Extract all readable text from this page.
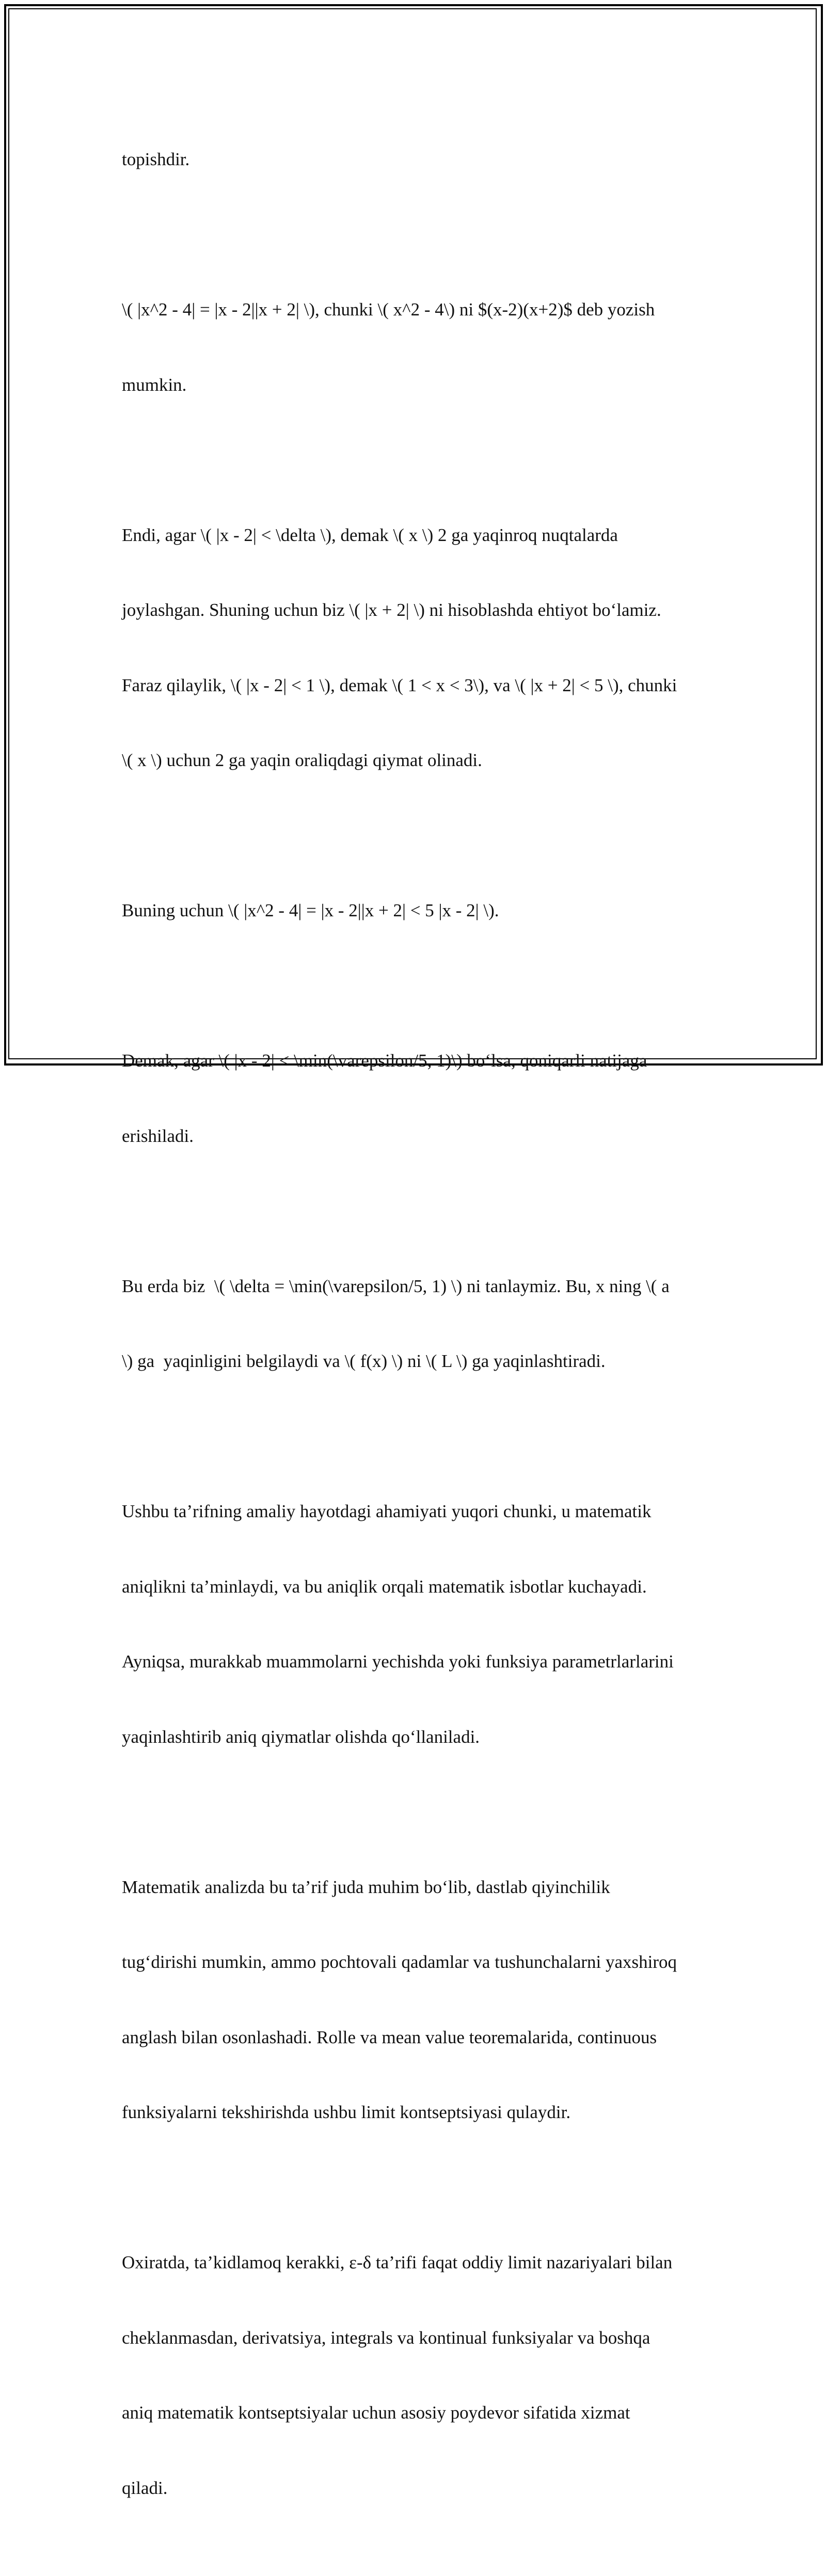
topishdir.

\( |x^2 - 4| = |x - 2||x + 2| \), chunki \( x^2 - 4\) ni $(x-2)(x+2)$ deb yozish

mumkin.

Endi, agar \( |x - 2| < \delta \), demak \( x \) 2 ga yaqinroq nuqtalarda

joylashgan. Shuning uchun biz \( |x + 2| \) ni hisoblashda ehtiyot bo‘lamiz.

Faraz qilaylik, \( |x - 2| < 1 \), demak \( 1 < x < 3\), va \( |x + 2| < 5 \), chunki

\( x \) uchun 2 ga yaqin oraliqdagi qiymat olinadi.

Buning uchun \( |x^2 - 4| = |x - 2||x + 2| < 5 |x - 2| \).

Demak, agar \( |x - 2| < \min(\varepsilon/5, 1)\) bo‘lsa, qoniqarli natijaga

erishiladi.

Bu erda biz  \( \delta = \min(\varepsilon/5, 1) \) ni tanlaymiz. Bu, x ning \( a

\) ga  yaqinligini belgilaydi va \( f(x) \) ni \( L \) ga yaqinlashtiradi.

Ushbu ta’rifning amaliy hayotdagi ahamiyati yuqori chunki, u matematik

aniqlikni ta’minlaydi, va bu aniqlik orqali matematik isbotlar kuchayadi.

Ayniqsa, murakkab muammolarni yechishda yoki funksiya parametrlarlarini

yaqinlashtirib aniq qiymatlar olishda qo‘llaniladi.

Matematik analizda bu ta’rif juda muhim bo‘lib, dastlab qiyinchilik

tug‘dirishi mumkin, ammo pochtovali qadamlar va tushunchalarni yaxshiroq

anglash bilan osonlashadi. Rolle va mean value teoremalarida, continuous

funksiyalarni tekshirishda ushbu limit kontseptsiyasi qulaydir.

Oxiratda, ta’kidlamoq kerakki, ε-δ ta’rifi faqat oddiy limit nazariyalari bilan

cheklanmasdan, derivatsiya, integrals va kontinual funksiyalar va boshqa

aniq matematik kontseptsiyalar uchun asosiy poydevor sifatida xizmat

qiladi.
